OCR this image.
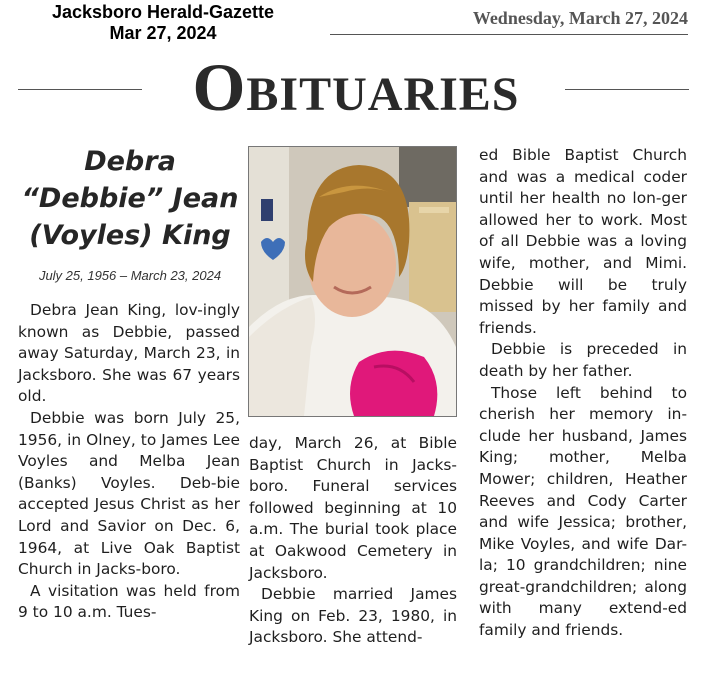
Jacksboro Herald-Gazette
Mar 27, 2024
Wednesday, March 27, 2024
OBITUARIES
Debra
“Debbie” Jean
(Voyles) King
July 25, 1956 – March 23, 2024

Debra Jean King, lov-ingly known as Debbie, passed away Saturday, March 23, in Jacksboro. She was 67 years old.

Debbie was born July 25, 1956, in Olney, to James Lee Voyles and Melba Jean (Banks) Voyles. Deb-bie accepted Jesus Christ as her Lord and Savior on Dec. 6, 1964, at Live Oak Baptist Church in Jacks-boro.

A visitation was held from 9 to 10 a.m. Tues-

day, March 26, at Bible Baptist Church in Jacks-boro. Funeral services followed beginning at 10 a.m. The burial took place at Oakwood Cemetery in Jacksboro.

Debbie married James King on Feb. 23, 1980, in Jacksboro. She attend-

ed Bible Baptist Church and was a medical coder until her health no lon-ger allowed her to work. Most of all Debbie was a loving wife, mother, and Mimi. Debbie will be truly missed by her family and friends.

Debbie is preceded in death by her father.

Those left behind to cherish her memory in-clude her husband, James King; mother, Melba Mower; children, Heather Reeves and Cody Carter and wife Jessica; brother, Mike Voyles, and wife Dar-la; 10 grandchildren; nine great-grandchildren; along with many extend-ed family and friends.
